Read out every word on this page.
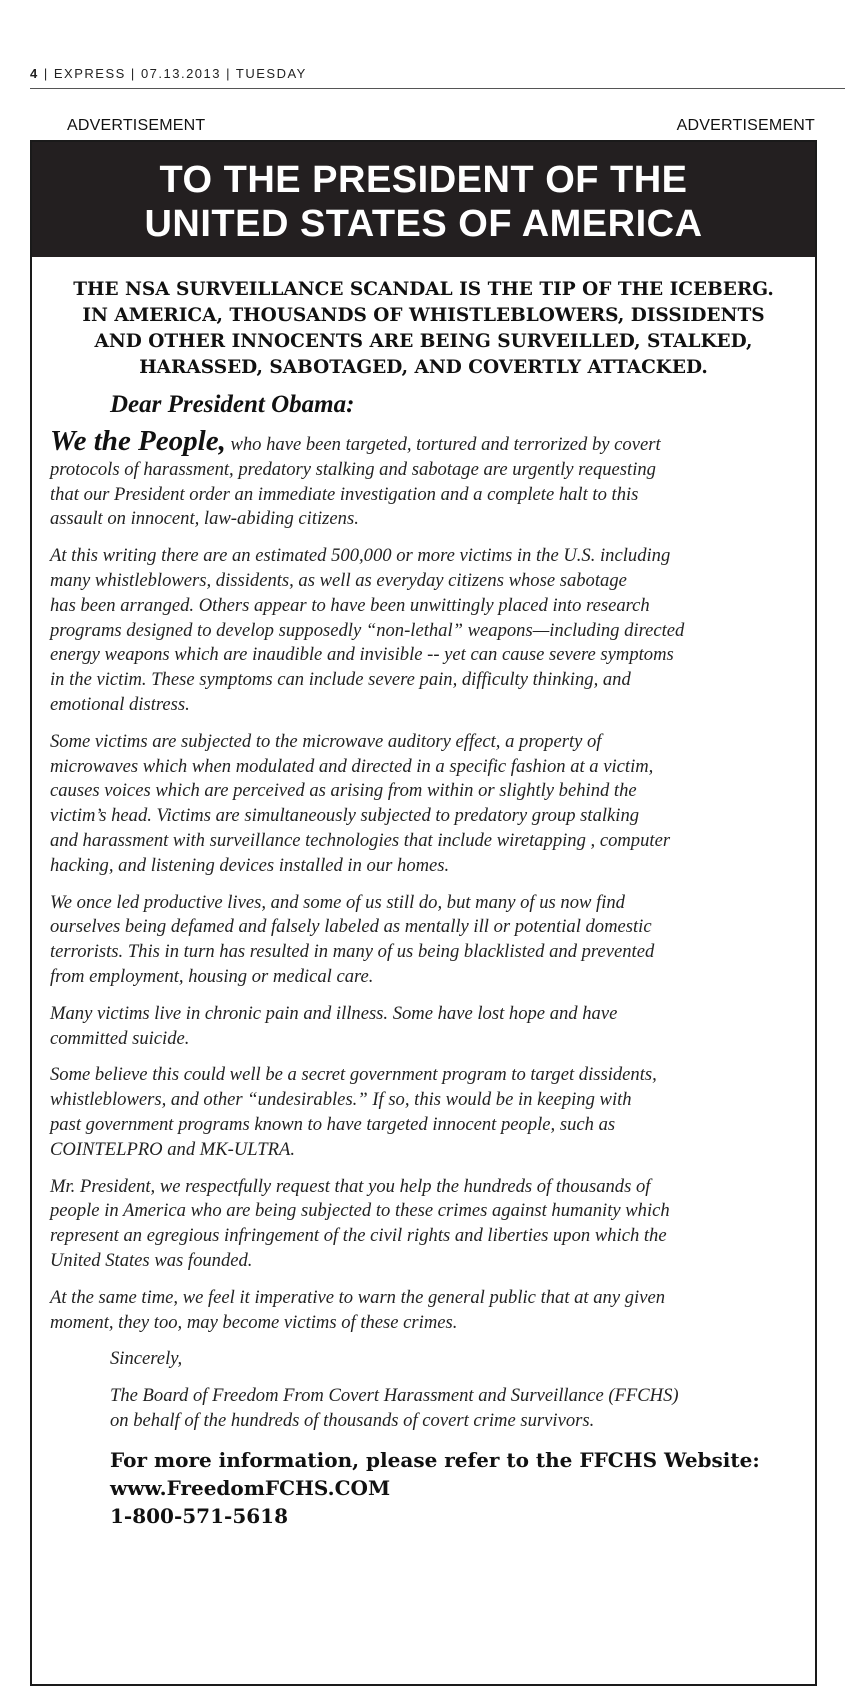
4 | EXPRESS | 07.13.2013 | TUESDAY
ADVERTISEMENT	ADVERTISEMENT
TO THE PRESIDENT OF THE
UNITED STATES OF AMERICA
THE NSA SURVEILLANCE SCANDAL IS THE TIP OF THE ICEBERG.
IN AMERICA, THOUSANDS OF WHISTLEBLOWERS, DISSIDENTS
AND OTHER INNOCENTS ARE BEING SURVEILLED, STALKED,
HARASSED, SABOTAGED, AND COVERTLY ATTACKED.
Dear President Obama:

We the People, who have been targeted, tortured and terrorized by covert
protocols of harassment, predatory stalking and sabotage are urgently requesting
that our President order an immediate investigation and a complete halt to this
assault on innocent, law-abiding citizens.

At this writing there are an estimated 500,000 or more victims in the U.S. including
many whistleblowers, dissidents, as well as everyday citizens whose sabotage
has been arranged. Others appear to have been unwittingly placed into research
programs designed to develop supposedly “non-lethal” weapons—including directed
energy weapons which are inaudible and invisible -- yet can cause severe symptoms
in the victim. These symptoms can include severe pain, difficulty thinking, and
emotional distress.

Some victims are subjected to the microwave auditory effect, a property of
microwaves which when modulated and directed in a specific fashion at a victim,
causes voices which are perceived as arising from within or slightly behind the
victim’s head. Victims are simultaneously subjected to predatory group stalking
and harassment with surveillance technologies that include wiretapping , computer
hacking, and listening devices installed in our homes.

We once led productive lives, and some of us still do, but many of us now find
ourselves being defamed and falsely labeled as mentally ill or potential domestic
terrorists. This in turn has resulted in many of us being blacklisted and prevented
from employment, housing or medical care.

Many victims live in chronic pain and illness. Some have lost hope and have
committed suicide.

Some believe this could well be a secret government program to target dissidents,
whistleblowers, and other “undesirables.” If so, this would be in keeping with
past government programs known to have targeted innocent people, such as
COINTELPRO and MK-ULTRA.

Mr. President, we respectfully request that you help the hundreds of thousands of
people in America who are being subjected to these crimes against humanity which
represent an egregious infringement of the civil rights and liberties upon which the
United States was founded.

At the same time, we feel it imperative to warn the general public that at any given
moment, they too, may become victims of these crimes.

Sincerely,

The Board of Freedom From Covert Harassment and Surveillance (FFCHS)
on behalf of the hundreds of thousands of covert crime survivors.

For more information, please refer to the FFCHS Website:
www.FreedomFCHS.COM
1-800-571-5618
